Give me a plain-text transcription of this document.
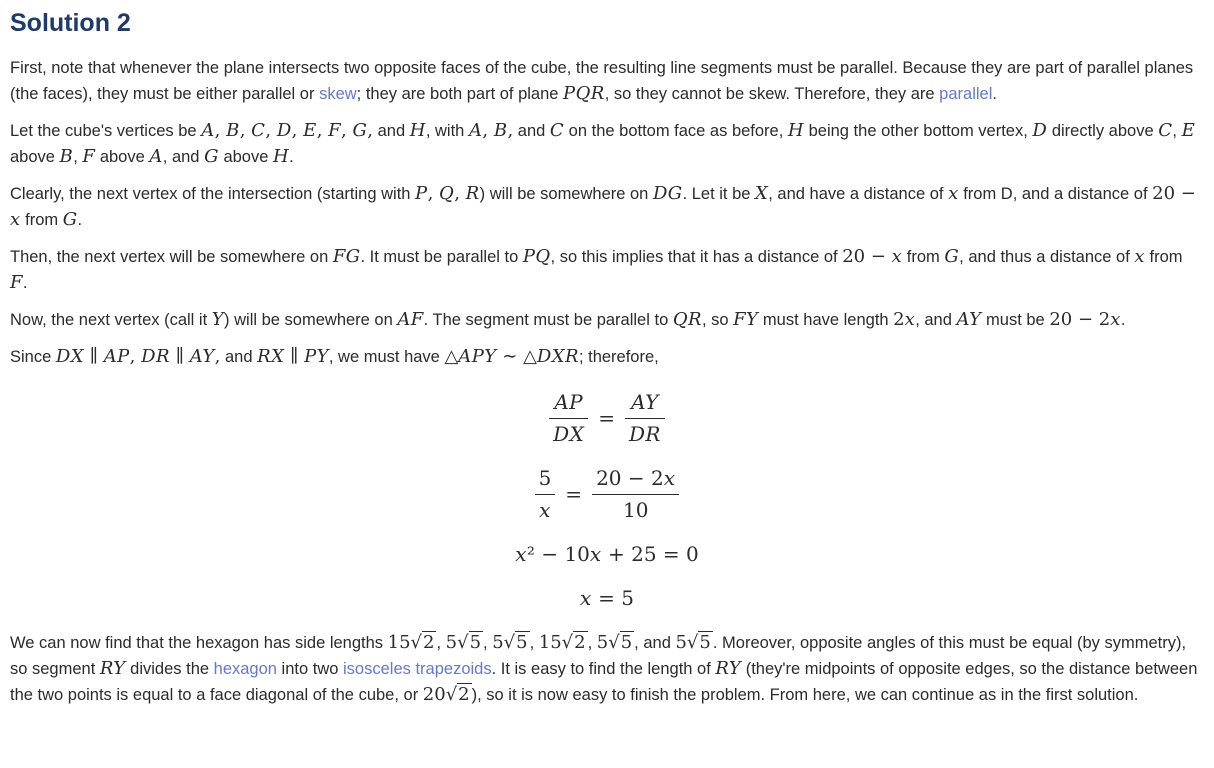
Solution 2

First, note that whenever the plane intersects two opposite faces of the cube, the resulting line segments must be parallel. Because they are part of parallel planes (the faces), they must be either parallel or skew; they are both part of plane PQR, so they cannot be skew. Therefore, they are parallel.

Let the cube's vertices be A, B, C, D, E, F, G, and H, with A, B, and C on the bottom face as before, H being the other bottom vertex, D directly above C, E above B, F above A, and G above H.

Clearly, the next vertex of the intersection (starting with P, Q, R) will be somewhere on DG. Let it be X, and have a distance of x from D, and a distance of 20 − x from G.

Then, the next vertex will be somewhere on FG. It must be parallel to PQ, so this implies that it has a distance of 20 − x from G, and thus a distance of x from F.

Now, the next vertex (call it Y) will be somewhere on AF. The segment must be parallel to QR, so FY must have length 2x, and AY must be 20 − 2x.

Since DX ∥ AP, DR ∥ AY, and RX ∥ PY, we must have △APY ∼ △DXR; therefore,

$\frac{AP}{DX} = \frac{AY}{DR}$
$\frac{5}{x} = \frac{20 - 2x}{10}$
x² − 10x + 25 = 0
x = 5

We can now find that the hexagon has side lengths 15√2 , 5√5 , 5√5 , 15√2 , 5√5 , and 5√5 . Moreover, opposite angles of this must be equal (by symmetry), so segment RY divides the hexagon into two isosceles trapezoids. It is easy to find the length of RY (they're midpoints of opposite edges, so the distance between the two points is equal to a face diagonal of the cube, or 20√2 ), so it is now easy to finish the problem. From here, we can continue as in the first solution.
